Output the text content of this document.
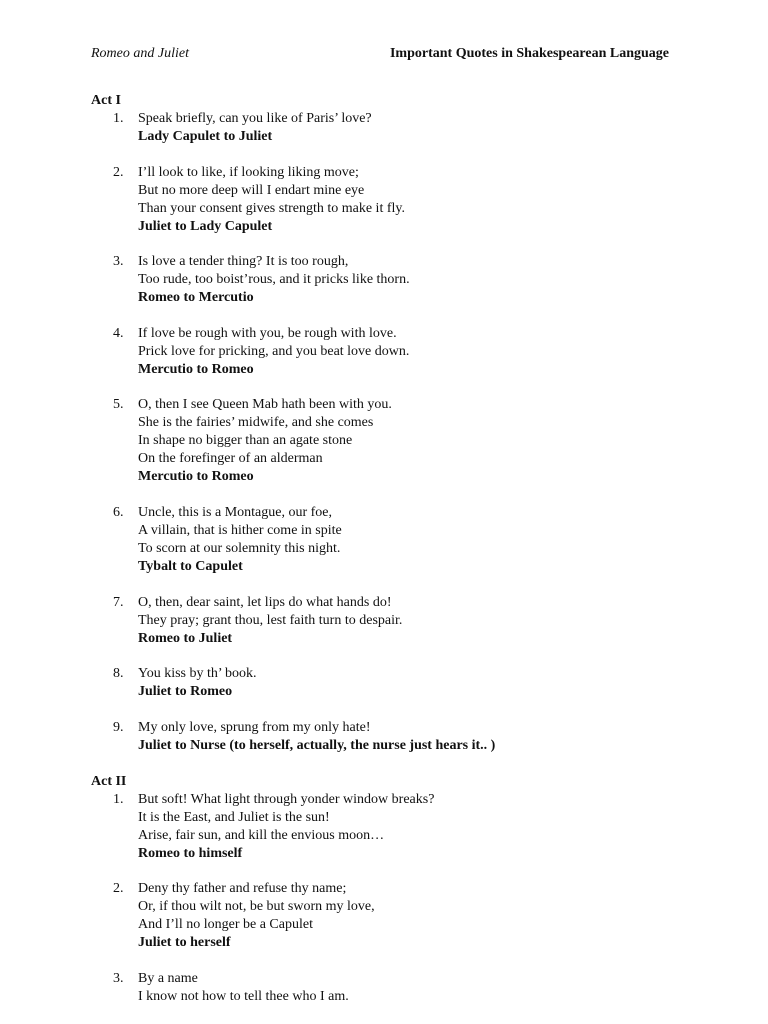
Romeo and Juliet	Important Quotes in Shakespearean Language
Act I
1. Speak briefly, can you like of Paris’ love?
Lady Capulet to Juliet
2. I’ll look to like, if looking liking move;
But no more deep will I endart mine eye
Than your consent gives strength to make it fly.
Juliet to Lady Capulet
3. Is love a tender thing? It is too rough,
Too rude, too boist’rous, and it pricks like thorn.
Romeo to Mercutio
4. If love be rough with you, be rough with love.
Prick love for pricking, and you beat love down.
Mercutio to Romeo
5. O, then I see Queen Mab hath been with you.
She is the fairies’ midwife, and she comes
In shape no bigger than an agate stone
On the forefinger of an alderman
Mercutio to Romeo
6. Uncle, this is a Montague, our foe,
A villain, that is hither come in spite
To scorn at our solemnity this night.
Tybalt to Capulet
7. O, then, dear saint, let lips do what hands do!
They pray; grant thou, lest faith turn to despair.
Romeo to Juliet
8. You kiss by th’ book.
Juliet to Romeo
9. My only love, sprung from my only hate!
Juliet to Nurse (to herself, actually, the nurse just hears it.. )
Act II
1. But soft! What light through yonder window breaks?
It is the East, and Juliet is the sun!
Arise, fair sun, and kill the envious moon…
Romeo to himself
2. Deny thy father and refuse thy name;
Or, if thou wilt not, be but sworn my love,
And I’ll no longer be a Capulet
Juliet to herself
3. By a name
I know not how to tell thee who I am.
